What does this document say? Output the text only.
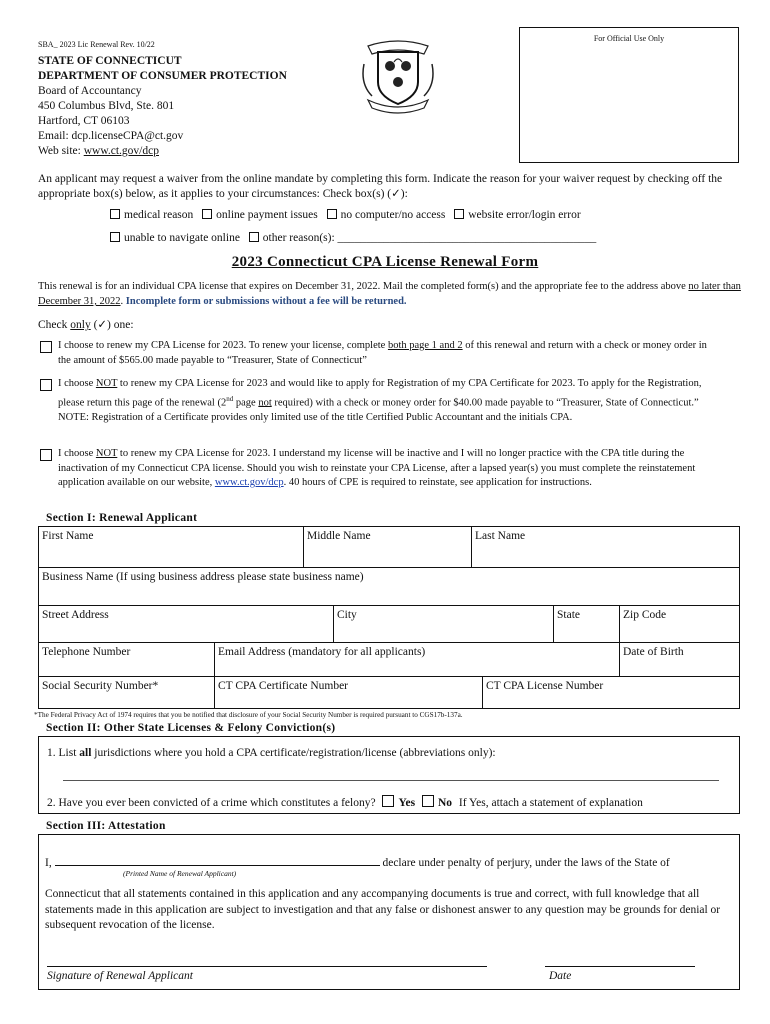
SBA_ 2023 Lic Renewal Rev. 10/22
STATE OF CONNECTICUT
DEPARTMENT OF CONSUMER PROTECTION
Board of Accountancy
450 Columbus Blvd, Ste. 801
Hartford, CT 06103
Email: dcp.licenseCPA@ct.gov
Web site: www.ct.gov/dcp
For Official Use Only

An applicant may request a waiver from the online mandate by completing this form. Indicate the reason for your waiver request by checking off the appropriate box(s) below, as it applies to your circumstances: Check box(s) (✓):

medical reason online payment issues no computer/no access website error/login error
unable to navigate online other reason(s): _____________________________________________
2023 Connecticut CPA License Renewal Form

This renewal is for an individual CPA license that expires on December 31, 2022. Mail the completed form(s) and the appropriate fee to the address above no later than December 31, 2022. Incomplete form or submissions without a fee will be returned.

Check only (✓) one:

I choose to renew my CPA License for 2023. To renew your license, complete both page 1 and 2 of this renewal and return with a check or money order in the amount of $565.00 made payable to “Treasurer, State of Connecticut”

I choose NOT to renew my CPA License for 2023 and would like to apply for Registration of my CPA Certificate for 2023. To apply for the Registration, please return this page of the renewal (2nd page not required) with a check or money order for $40.00 made payable to “Treasurer, State of Connecticut.” NOTE: Registration of a Certificate provides only limited use of the title Certified Public Accountant and the initials CPA.

I choose NOT to renew my CPA License for 2023. I understand my license will be inactive and I will no longer practice with the CPA title during the inactivation of my Connecticut CPA license. Should you wish to reinstate your CPA License, after a lapsed year(s) you must complete the reinstatement application available on our website, www.ct.gov/dcp. 40 hours of CPE is required to reinstate, see application for instructions.

Section I: Renewal Applicant
First Name	Middle Name	Last Name
Business Name (If using business address please state business name)
Street Address	City	State	Zip Code
Telephone Number	Email Address (mandatory for all applicants)	Date of Birth
Social Security Number*	CT CPA Certificate Number	CT CPA License Number
*The Federal Privacy Act of 1974 requires that you be notified that disclosure of your Social Security Number is required pursuant to CGS17b-137a.
Section II: Other State Licenses & Felony Conviction(s)
1. List all jurisdictions where you hold a CPA certificate/registration/license (abbreviations only):
2. Have you ever been convicted of a crime which constitutes a felony? Yes No If Yes, attach a statement of explanation
Section III: Attestation
I,	declare under penalty of perjury, under the laws of the State of
(Printed Name of Renewal Applicant)

Connecticut that all statements contained in this application and any accompanying documents is true and correct, with full knowledge that all statements made in this application are subject to investigation and that any false or dishonest answer to any question may be grounds for denial or subsequent revocation of the license.

Signature of Renewal Applicant	Date
